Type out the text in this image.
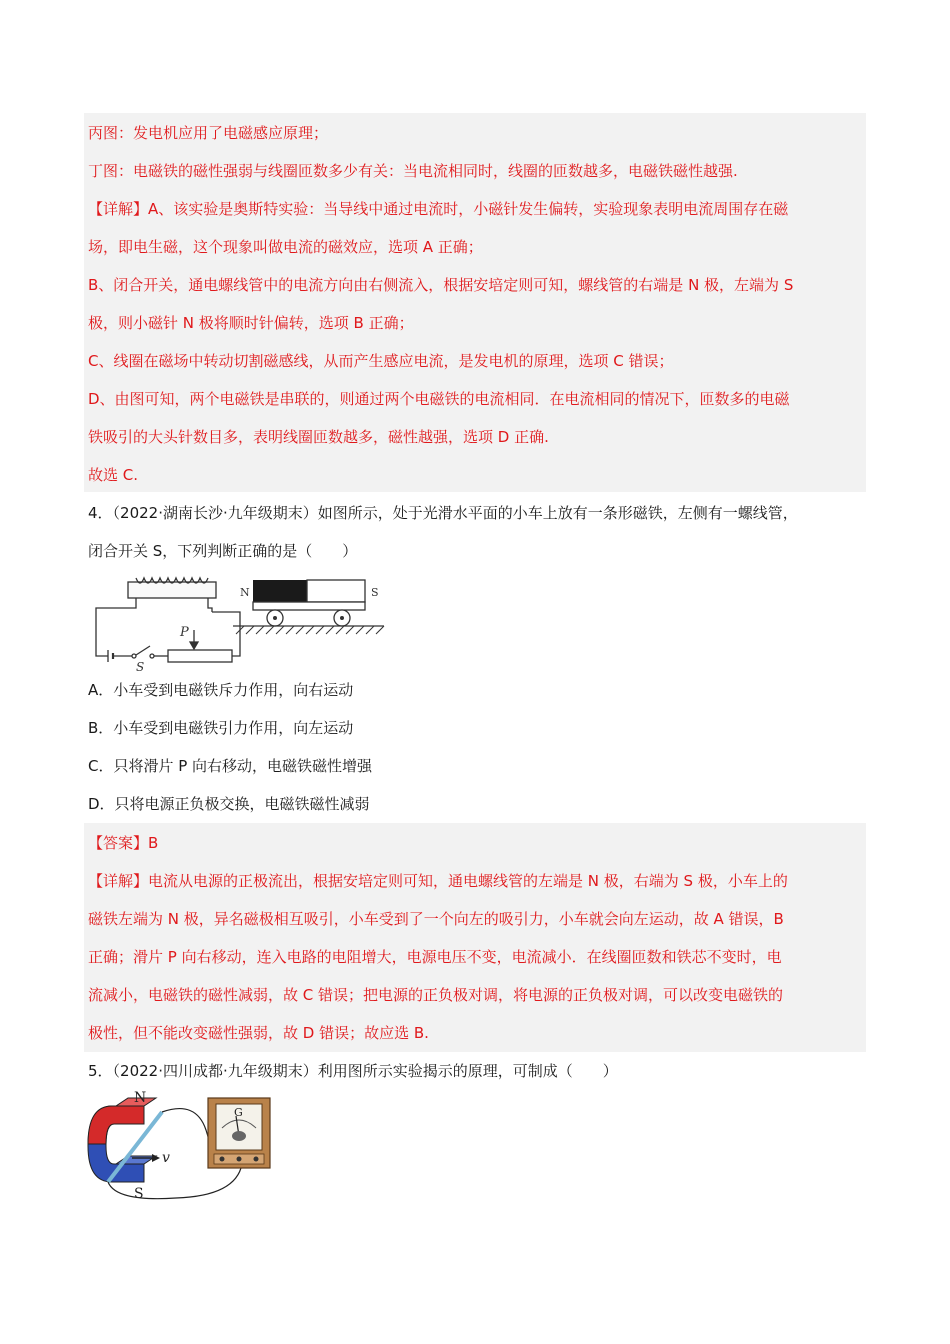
丙图：发电机应用了电磁感应原理；
丁图：电磁铁的磁性强弱与线圈匝数多少有关：当电流相同时，线圈的匝数越多，电磁铁磁性越强.
【详解】A、该实验是奥斯特实验：当导线中通过电流时，小磁针发生偏转，实验现象表明电流周围存在磁
场，即电生磁，这个现象叫做电流的磁效应，选项 A 正确；
B、闭合开关，通电螺线管中的电流方向由右侧流入，根据安培定则可知，螺线管的右端是 N 极，左端为 S
极，则小磁针 N 极将顺时针偏转，选项 B 正确；
C、线圈在磁场中转动切割磁感线，从而产生感应电流，是发电机的原理，选项 C 错误；
D、由图可知，两个电磁铁是串联的，则通过两个电磁铁的电流相同．在电流相同的情况下，匝数多的电磁
铁吸引的大头针数目多，表明线圈匝数越多，磁性越强，选项 D 正确.
故选 C.
4．（2022·湖南长沙·九年级期末）如图所示，处于光滑水平面的小车上放有一条形磁铁，左侧有一螺线管，
闭合开关 S，下列判断正确的是（　　）
P
S
N	S
A．小车受到电磁铁斥力作用，向右运动
B．小车受到电磁铁引力作用，向左运动
C．只将滑片 P 向右移动，电磁铁磁性增强
D．只将电源正负极交换，电磁铁磁性减弱
【答案】B
【详解】电流从电源的正极流出，根据安培定则可知，通电螺线管的左端是 N 极，右端为 S 极，小车上的
磁铁左端为 N 极，异名磁极相互吸引，小车受到了一个向左的吸引力，小车就会向左运动，故 A 错误，B
正确；滑片 P 向右移动，连入电路的电阻增大，电源电压不变，电流减小．在线圈匝数和铁芯不变时，电
流减小，电磁铁的磁性减弱，故 C 错误；把电源的正负极对调，将电源的正负极对调，可以改变电磁铁的
极性，但不能改变磁性强弱，故 D 错误；故应选 B.
5．（2022·四川成都·九年级期末）利用图所示实验揭示的原理，可制成（　　）
N
S
v
G
